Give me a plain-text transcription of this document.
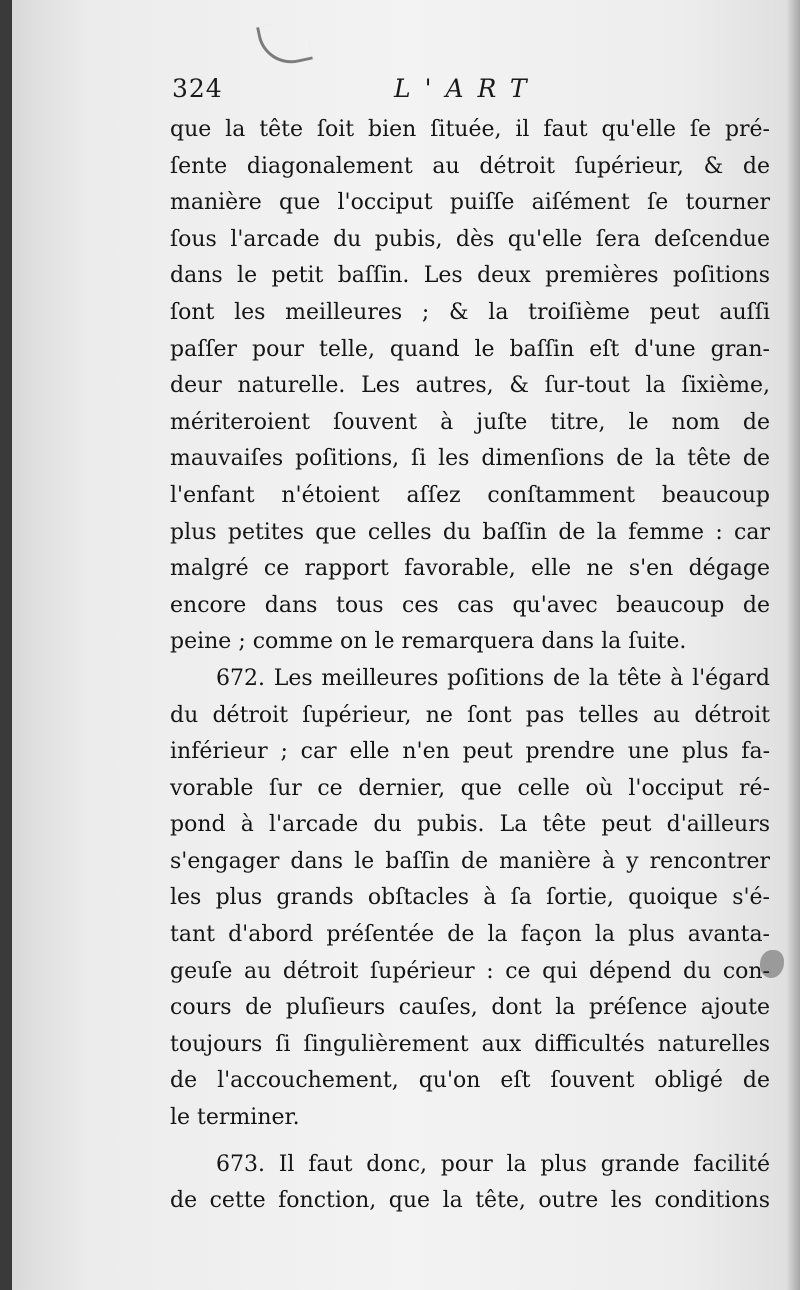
324	L'ART
que la tête ſoit bien ſituée, il faut qu'elle ſe pré-
ſente diagonalement au détroit ſupérieur, & de
manière que l'occiput puiſſe aiſément ſe tourner
ſous l'arcade du pubis, dès qu'elle ſera deſcendue
dans le petit baſſin. Les deux premières poſitions
ſont les meilleures ; & la troiſième peut auſſi
paſſer pour telle, quand le baſſin eſt d'une gran-
deur naturelle. Les autres, & ſur-tout la ſixième,
mériteroient ſouvent à juſte titre, le nom de
mauvaiſes poſitions, ſi les dimenſions de la tête de
l'enfant n'étoient aſſez conſtamment beaucoup
plus petites que celles du baſſin de la femme : car
malgré ce rapport favorable, elle ne s'en dégage
encore dans tous ces cas qu'avec beaucoup de
peine ; comme on le remarquera dans la ſuite.
672. Les meilleures poſitions de la tête à l'égard
du détroit ſupérieur, ne ſont pas telles au détroit
inférieur ; car elle n'en peut prendre une plus fa-
vorable ſur ce dernier, que celle où l'occiput ré-
pond à l'arcade du pubis. La tête peut d'ailleurs
s'engager dans le baſſin de manière à y rencontrer
les plus grands obſtacles à ſa ſortie, quoique s'é-
tant d'abord préſentée de la façon la plus avanta-
geuſe au détroit ſupérieur : ce qui dépend du con-
cours de pluſieurs cauſes, dont la préſence ajoute
toujours ſi ſingulièrement aux difficultés naturelles
de l'accouchement, qu'on eſt ſouvent obligé de
le terminer.
673. Il faut donc, pour la plus grande facilité
de cette fonction, que la tête, outre les conditions
